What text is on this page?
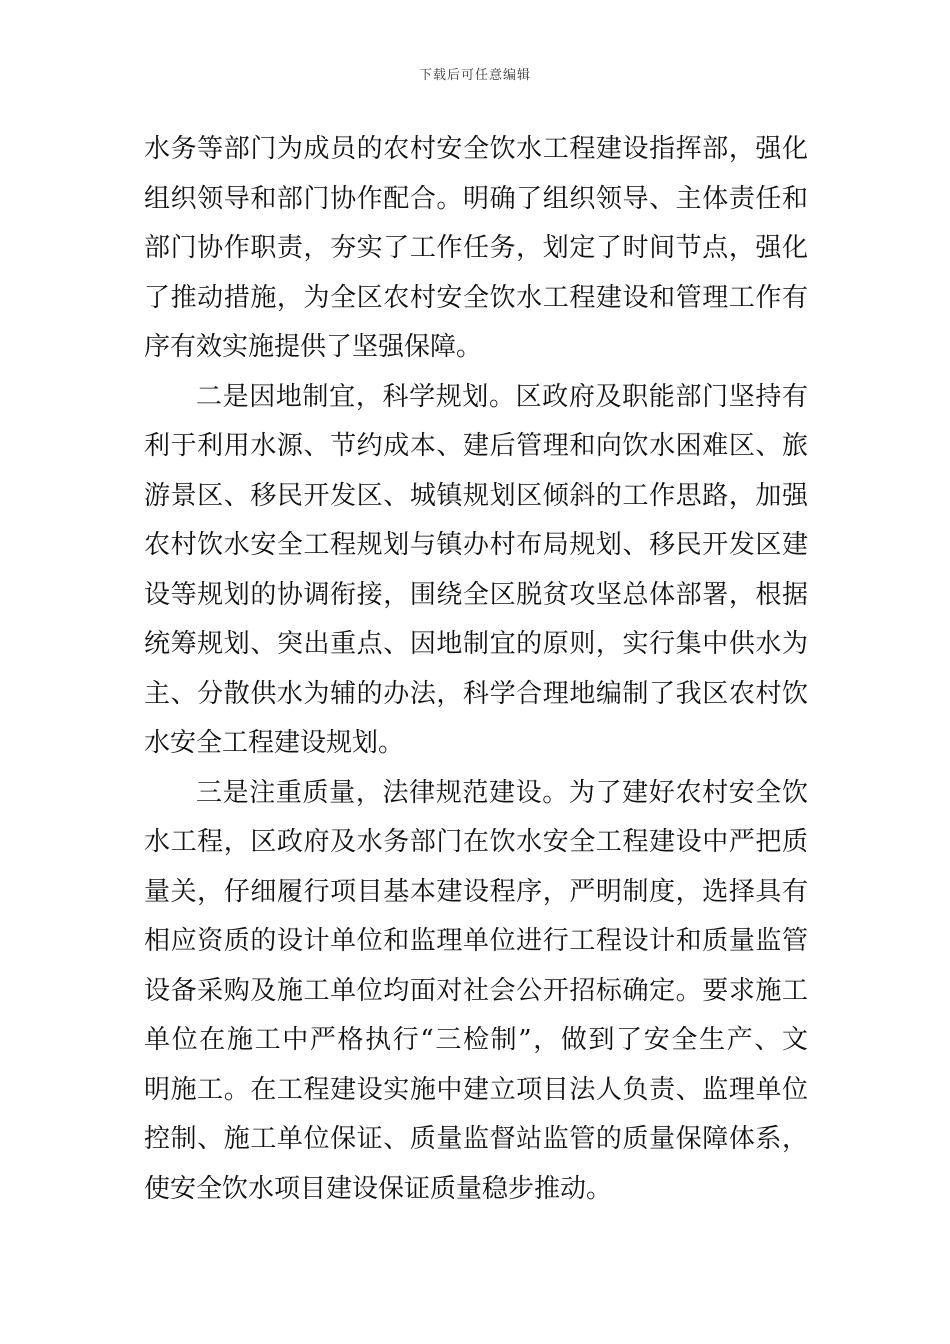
下载后可任意编辑
水务等部门为成员的农村安全饮水工程建设指挥部，强化
组织领导和部门协作配合。明确了组织领导、主体责任和
部门协作职责，夯实了工作任务，划定了时间节点，强化
了推动措施，为全区农村安全饮水工程建设和管理工作有
序有效实施提供了坚强保障。
二是因地制宜，科学规划。区政府及职能部门坚持有
利于利用水源、节约成本、建后管理和向饮水困难区、旅
游景区、移民开发区、城镇规划区倾斜的工作思路，加强
农村饮水安全工程规划与镇办村布局规划、移民开发区建
设等规划的协调衔接，围绕全区脱贫攻坚总体部署，根据
统筹规划、突出重点、因地制宜的原则，实行集中供水为
主、分散供水为辅的办法，科学合理地编制了我区农村饮
水安全工程建设规划。
三是注重质量，法律规范建设。为了建好农村安全饮
水工程，区政府及水务部门在饮水安全工程建设中严把质
量关，仔细履行项目基本建设程序，严明制度，选择具有
相应资质的设计单位和监理单位进行工程设计和质量监管
设备采购及施工单位均面对社会公开招标确定。要求施工
单位在施工中严格执行“三检制”，做到了安全生产、文
明施工。在工程建设实施中建立项目法人负责、监理单位
控制、施工单位保证、质量监督站监管的质量保障体系，
使安全饮水项目建设保证质量稳步推动。
